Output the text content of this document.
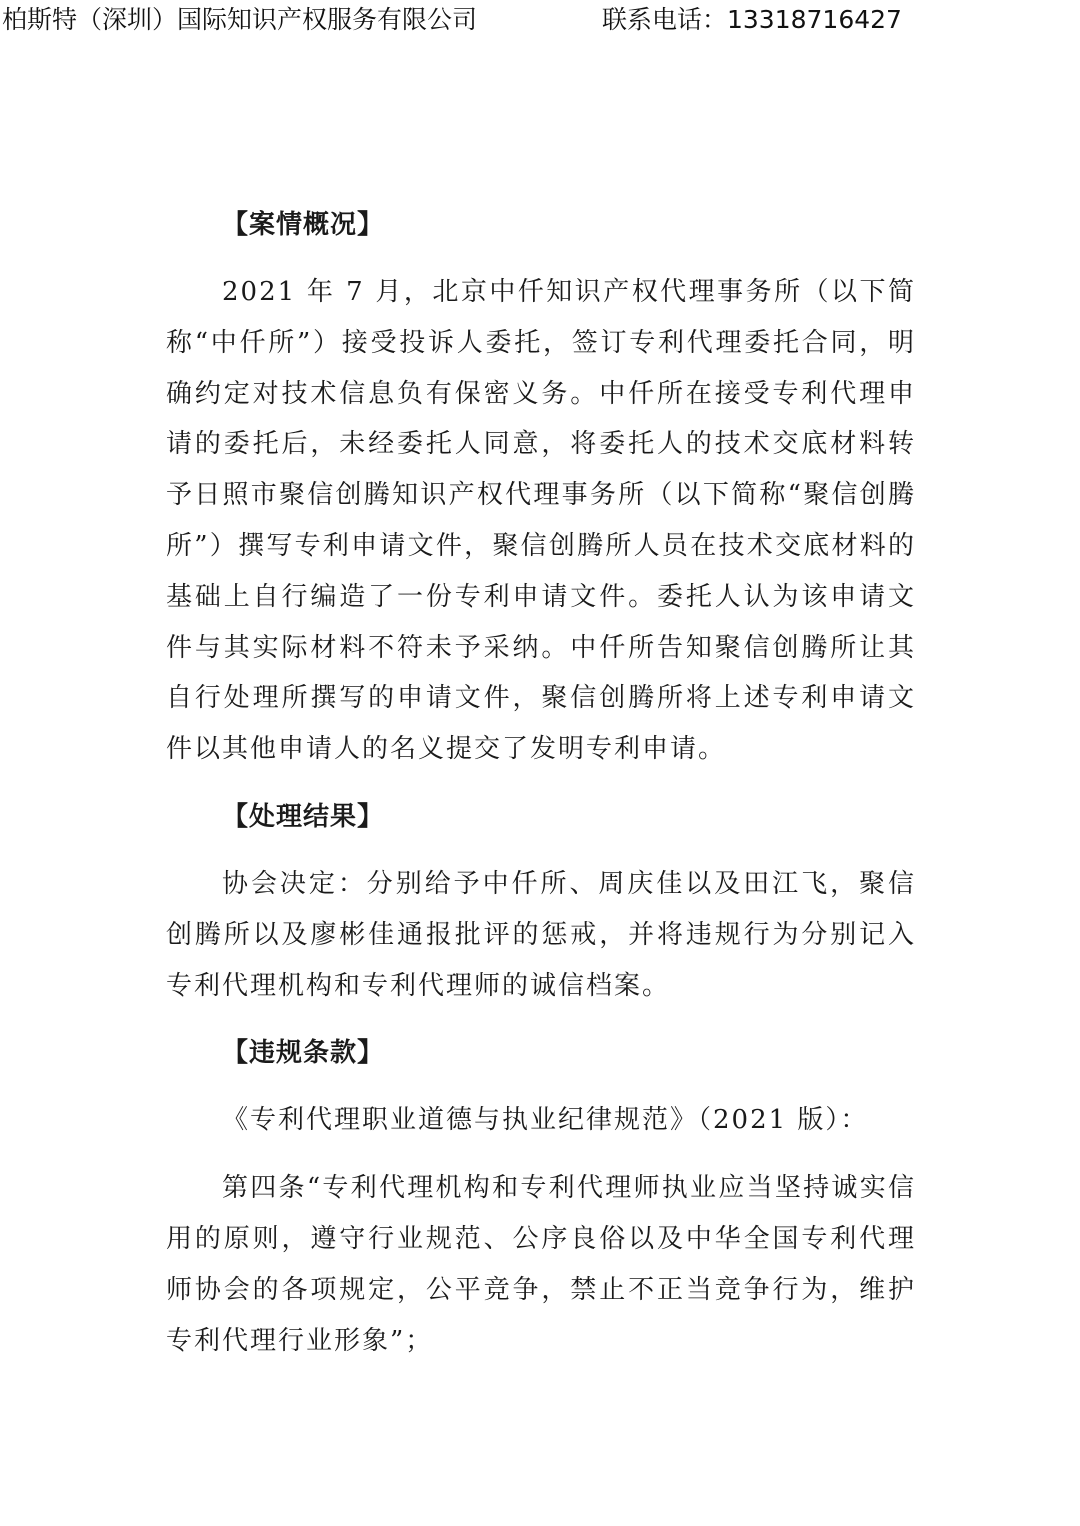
柏斯特（深圳）国际知识产权服务有限公司	联系电话：13318716427
【案情概况】

2021 年 7 月，北京中仟知识产权代理事务所（以下简称“中仟所”）接受投诉人委托，签订专利代理委托合同，明确约定对技术信息负有保密义务。中仟所在接受专利代理申请的委托后，未经委托人同意，将委托人的技术交底材料转予日照市聚信创腾知识产权代理事务所（以下简称“聚信创腾所”）撰写专利申请文件，聚信创腾所人员在技术交底材料的基础上自行编造了一份专利申请文件。委托人认为该申请文件与其实际材料不符未予采纳。中仟所告知聚信创腾所让其自行处理所撰写的申请文件，聚信创腾所将上述专利申请文件以其他申请人的名义提交了发明专利申请。

【处理结果】

协会决定：分别给予中仟所、周庆佳以及田江飞，聚信创腾所以及廖彬佳通报批评的惩戒，并将违规行为分别记入专利代理机构和专利代理师的诚信档案。

【违规条款】

《专利代理职业道德与执业纪律规范》（2021 版）：

第四条“专利代理机构和专利代理师执业应当坚持诚实信用的原则，遵守行业规范、公序良俗以及中华全国专利代理师协会的各项规定，公平竞争，禁止不正当竞争行为，维护专利代理行业形象”；
